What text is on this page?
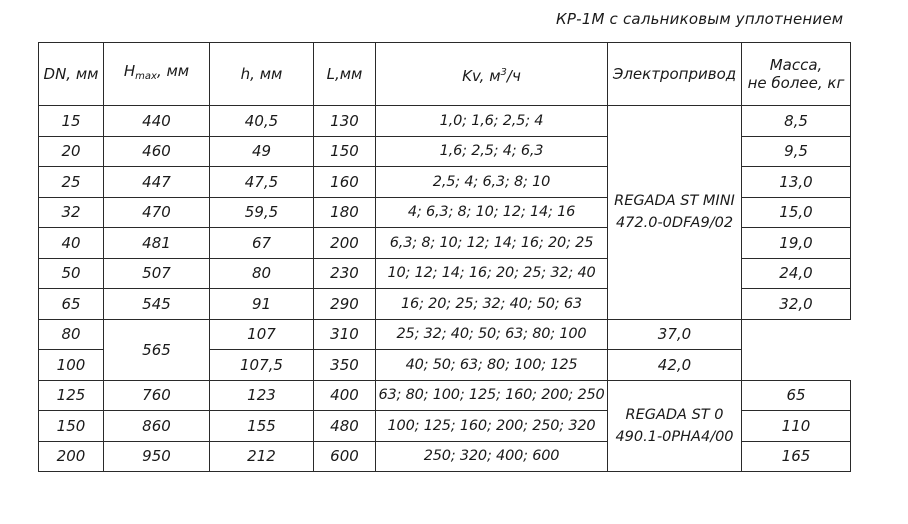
КР-1М с сальниковым уплотнением
DN, мм	$H_{max}$, мм	h, мм	L,мм	Kv, $м^3/ч$	Электропривод	Масса,
не более, кг

15	440	40,5	130	1,0; 1,6; 2,5; 4	REGADA ST MINI
472.0-0DFA9/02	8,5
20	460	49	150	1,6; 2,5; 4; 6,3		9,5
25	447	47,5	160	2,5; 4; 6,3; 8; 10		13,0
32	470	59,5	180	4; 6,3; 8; 10; 12; 14; 16		15,0
40	481	67	200	6,3; 8; 10; 12; 14; 16; 20; 25		19,0
50	507	80	230	10; 12; 14; 16; 20; 25; 32; 40		24,0
65	545	91	290	16; 20; 25; 32; 40; 50; 63		32,0
80	565	107	310	25; 32; 40; 50; 63; 80; 100	37,0	
100		107,5	350	40; 50; 63; 80; 100; 125	42,0	
125	760	123	400	63; 80; 100; 125; 160; 200; 250	REGADA ST 0
490.1-0PHA4/00	65
150	860	155	480	100; 125; 160; 200; 250; 320		110
200	950	212	600	250; 320; 400; 600		165
